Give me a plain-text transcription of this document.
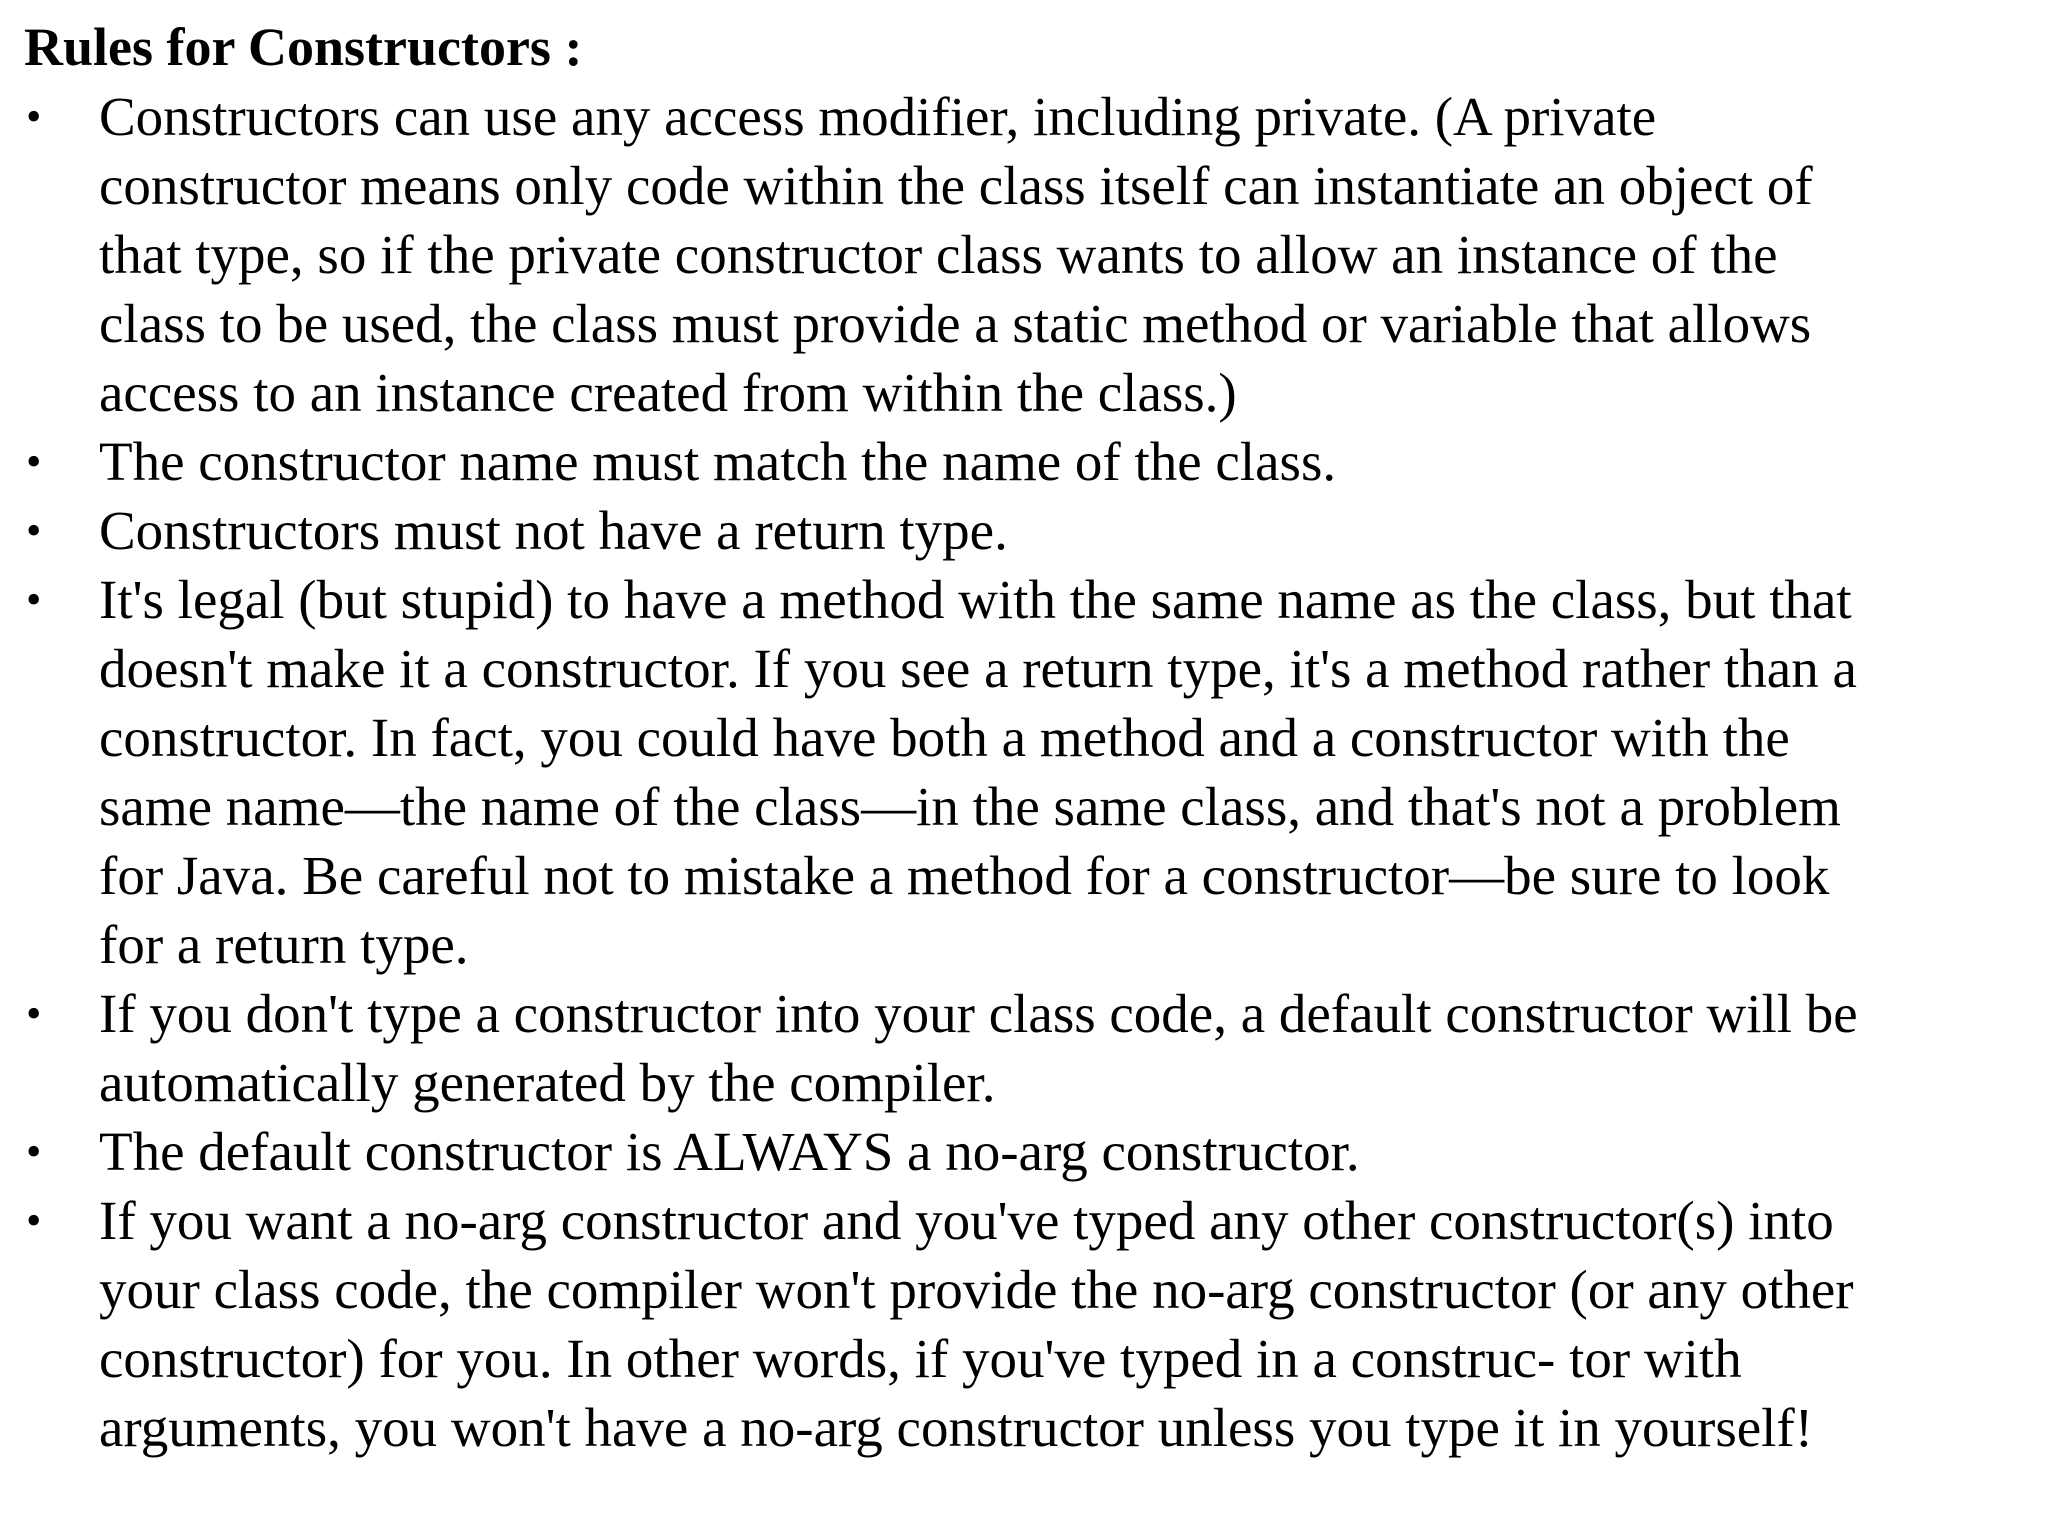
Rules for Constructors :
• Constructors can use any access modifier, including private. (A private
constructor means only code within the class itself can instantiate an object of
that type, so if the private constructor class wants to allow an instance of the
class to be used, the class must provide a static method or variable that allows
access to an instance created from within the class.)
• The constructor name must match the name of the class.
• Constructors must not have a return type.
• It's legal (but stupid) to have a method with the same name as the class, but that
doesn't make it a constructor. If you see a return type, it's a method rather than a
constructor. In fact, you could have both a method and a constructor with the
same name—the name of the class—in the same class, and that's not a problem
for Java. Be careful not to mistake a method for a constructor—be sure to look
for a return type.
• If you don't type a constructor into your class code, a default constructor will be
automatically generated by the compiler.
• The default constructor is ALWAYS a no-arg constructor.
• If you want a no-arg constructor and you've typed any other constructor(s) into
your class code, the compiler won't provide the no-arg constructor (or any other
constructor) for you. In other words, if you've typed in a construc- tor with
arguments, you won't have a no-arg constructor unless you type it in yourself!
